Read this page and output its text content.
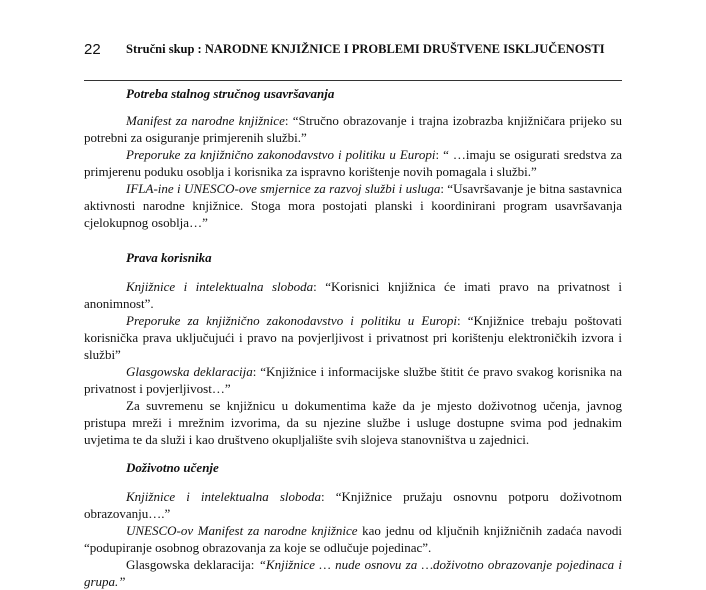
22 Stručni skup : NARODNE KNJIŽNICE I PROBLEMI DRUŠTVENE ISKLJUČENOSTI
Potreba stalnog stručnog usavršavanja

Manifest za narodne knjižnice: “Stručno obrazovanje i trajna izobrazba knjižničara prijeko su potrebni za osiguranje primjerenih službi.”

Preporuke za knjižnično zakonodavstvo i politiku u Europi: “ …imaju se osigurati sredstva za primjerenu poduku osoblja i korisnika za ispravno korištenje novih pomagala i službi.”

IFLA-ine i UNESCO-ove smjernice za razvoj službi i usluga: “Usavršavanje je bitna sastavnica aktivnosti narodne knjižnice. Stoga mora postojati planski i koordinirani program usavršavanja cjelokupnog osoblja…”

Prava korisnika

Knjižnice i intelektualna sloboda: “Korisnici knjižnica će imati pravo na privatnost i anonimnost”.

Preporuke za knjižnično zakonodavstvo i politiku u Europi: “Knjižnice trebaju poštovati korisnička prava uključujući i pravo na povjerljivost i privatnost pri korištenju elektroničkih izvora i službi”

Glasgowska deklaracija: “Knjižnice i informacijske službe štitit će pravo svakog korisnika na privatnost i povjerljivost…”

Za suvremenu se knjižnicu u dokumentima kaže da je mjesto doživotnog učenja, javnog pristupa mreži i mrežnim izvorima, da su njezine službe i usluge dostupne svima pod jednakim uvjetima te da služi i kao društveno okupljalište svih slojeva stanovništva u zajednici.

Doživotno učenje

Knjižnice i intelektualna sloboda: “Knjižnice pružaju osnovnu potporu doživotnom obrazovanju….”

UNESCO-ov Manifest za narodne knjižnice kao jednu od ključnih knjižničnih zadaća navodi “podupiranje osobnog obrazovanja za koje se odlučuje pojedinac”.

Glasgowska deklaracija: “Knjižnice … nude osnovu za …doživotno obrazovanje pojedinaca i grupa.”
